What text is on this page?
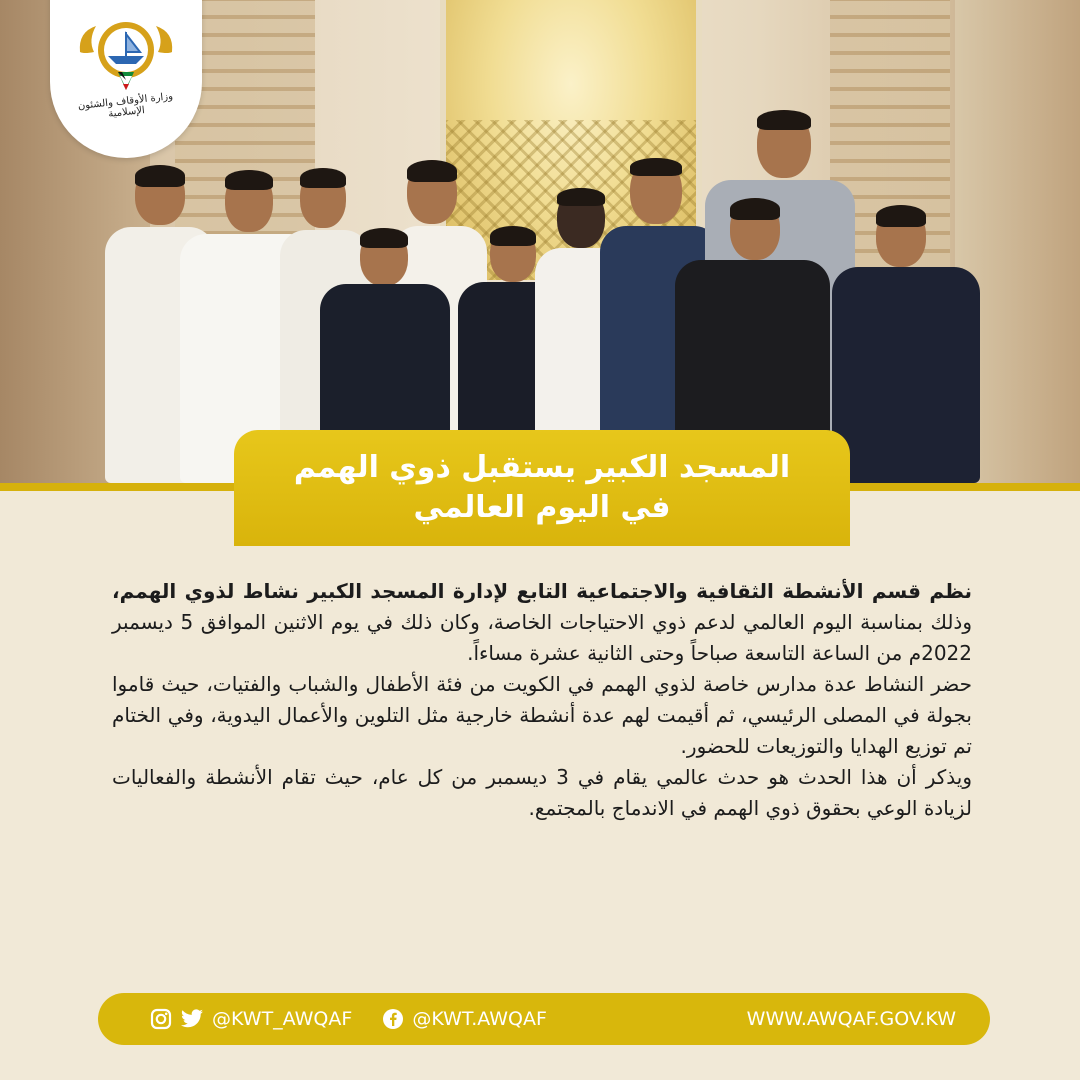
وزارة الأوقاف والشئون الإسلامية
المسجد الكبير يستقبل ذوي الهمم
في اليوم العالمي

نظم قسم الأنشطة الثقافية والاجتماعية التابع لإدارة المسجد الكبير نشاط لذوي الهمم، وذلك بمناسبة اليوم العالمي لدعم ذوي الاحتياجات الخاصة، وكان ذلك في يوم الاثنين الموافق 5 ديسمبر 2022م من الساعة التاسعة صباحاً وحتى الثانية عشرة مساءاً.

حضر النشاط عدة مدارس خاصة لذوي الهمم في الكويت من فئة الأطفال والشباب والفتيات، حيث قاموا بجولة في المصلى الرئيسي، ثم أقيمت لهم عدة أنشطة خارجية مثل التلوين والأعمال اليدوية، وفي الختام تم توزيع الهدايا والتوزيعات للحضور.

ويذكر أن هذا الحدث هو حدث عالمي يقام في 3 ديسمبر من كل عام، حيث تقام الأنشطة والفعاليات لزيادة الوعي بحقوق ذوي الهمم في الاندماج بالمجتمع.

@KWT_AWQAF	@KWT.AWQAF	WWW.AWQAF.GOV.KW
